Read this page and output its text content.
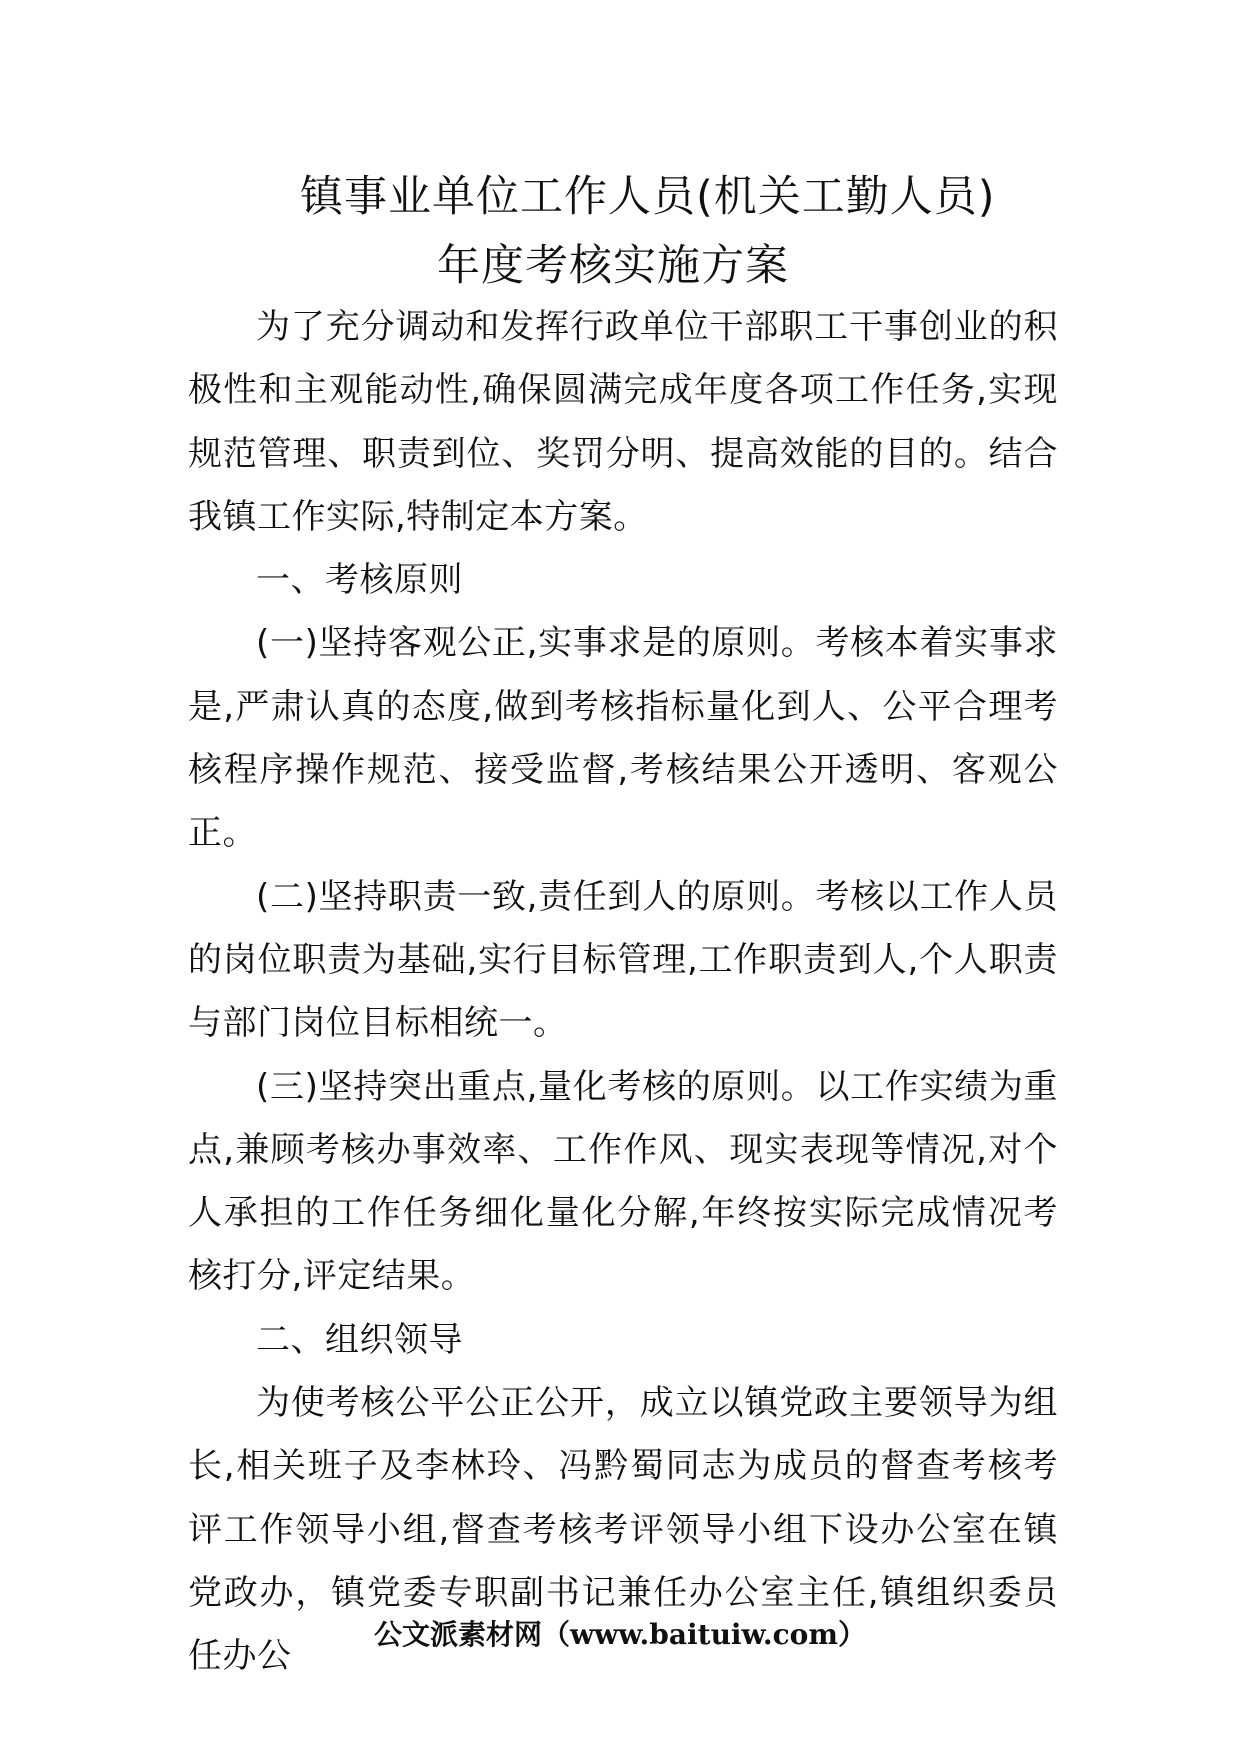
镇事业单位工作人员(机关工勤人员)
年度考核实施方案

为了充分调动和发挥行政单位干部职工干事创业的积极性和主观能动性,确保圆满完成年度各项工作任务,实现规范管理、职责到位、奖罚分明、提高效能的目的。结合我镇工作实际,特制定本方案。

一、考核原则

(一)坚持客观公正,实事求是的原则。考核本着实事求是,严肃认真的态度,做到考核指标量化到人、公平合理考核程序操作规范、接受监督,考核结果公开透明、客观公正。

(二)坚持职责一致,责任到人的原则。考核以工作人员的岗位职责为基础,实行目标管理,工作职责到人,个人职责与部门岗位目标相统一。

(三)坚持突出重点,量化考核的原则。以工作实绩为重点,兼顾考核办事效率、工作作风、现实表现等情况,对个人承担的工作任务细化量化分解,年终按实际完成情况考核打分,评定结果。

二、组织领导

为使考核公平公正公开，成立以镇党政主要领导为组长,相关班子及李林玲、冯黔蜀同志为成员的督查考核考评工作领导小组,督查考核考评领导小组下设办公室在镇党政办，镇党委专职副书记兼任办公室主任,镇组织委员任办公

公文派素材网（www.baituiw.com）
